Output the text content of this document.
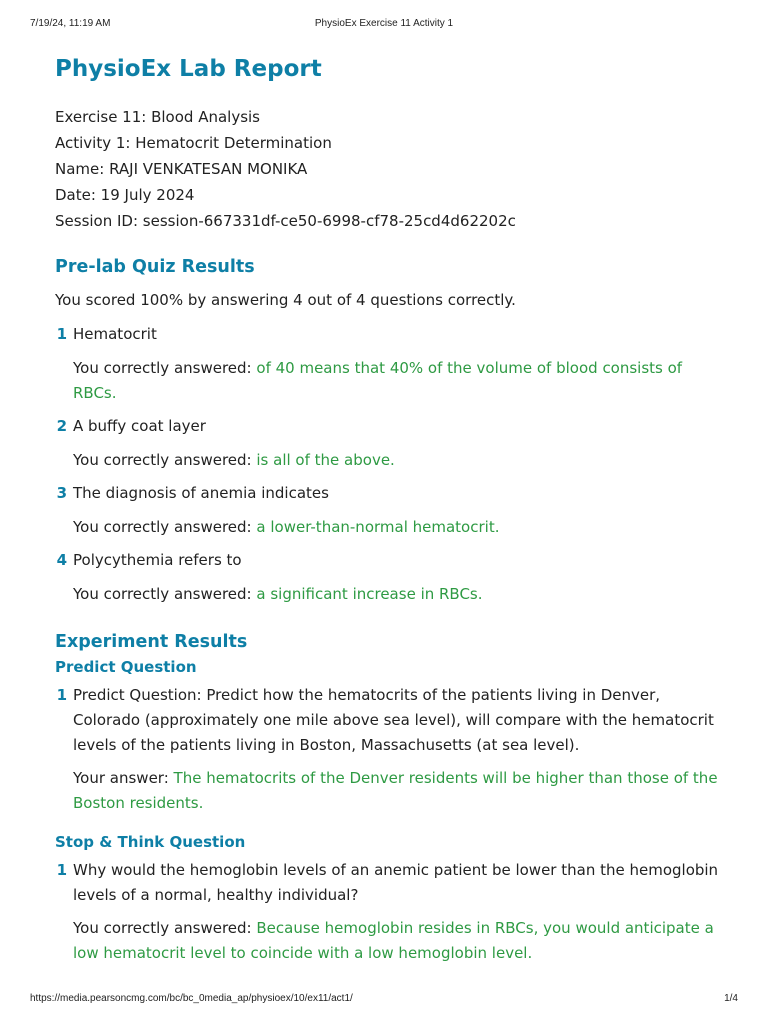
7/19/24, 11:19 AM	PhysioEx Exercise 11 Activity 1
PhysioEx Lab Report
Exercise 11: Blood Analysis
Activity 1: Hematocrit Determination
Name: RAJI VENKATESAN MONIKA
Date: 19 July 2024
Session ID: session-667331df-ce50-6998-cf78-25cd4d62202c
Pre-lab Quiz Results
You scored 100% by answering 4 out of 4 questions correctly.
1 Hematocrit
You correctly answered: of 40 means that 40% of the volume of blood consists of RBCs.
2 A buffy coat layer
You correctly answered: is all of the above.
3 The diagnosis of anemia indicates
You correctly answered: a lower-than-normal hematocrit.
4 Polycythemia refers to
You correctly answered: a significant increase in RBCs.
Experiment Results
Predict Question
1 Predict Question: Predict how the hematocrits of the patients living in Denver, Colorado (approximately one mile above sea level), will compare with the hematocrit levels of the patients living in Boston, Massachusetts (at sea level).
Your answer: The hematocrits of the Denver residents will be higher than those of the Boston residents.
Stop & Think Question
1 Why would the hemoglobin levels of an anemic patient be lower than the hemoglobin levels of a normal, healthy individual?
You correctly answered: Because hemoglobin resides in RBCs, you would anticipate a low hematocrit level to coincide with a low hemoglobin level.
https://media.pearsoncmg.com/bc/bc_0media_ap/physioex/10/ex11/act1/	1/4
